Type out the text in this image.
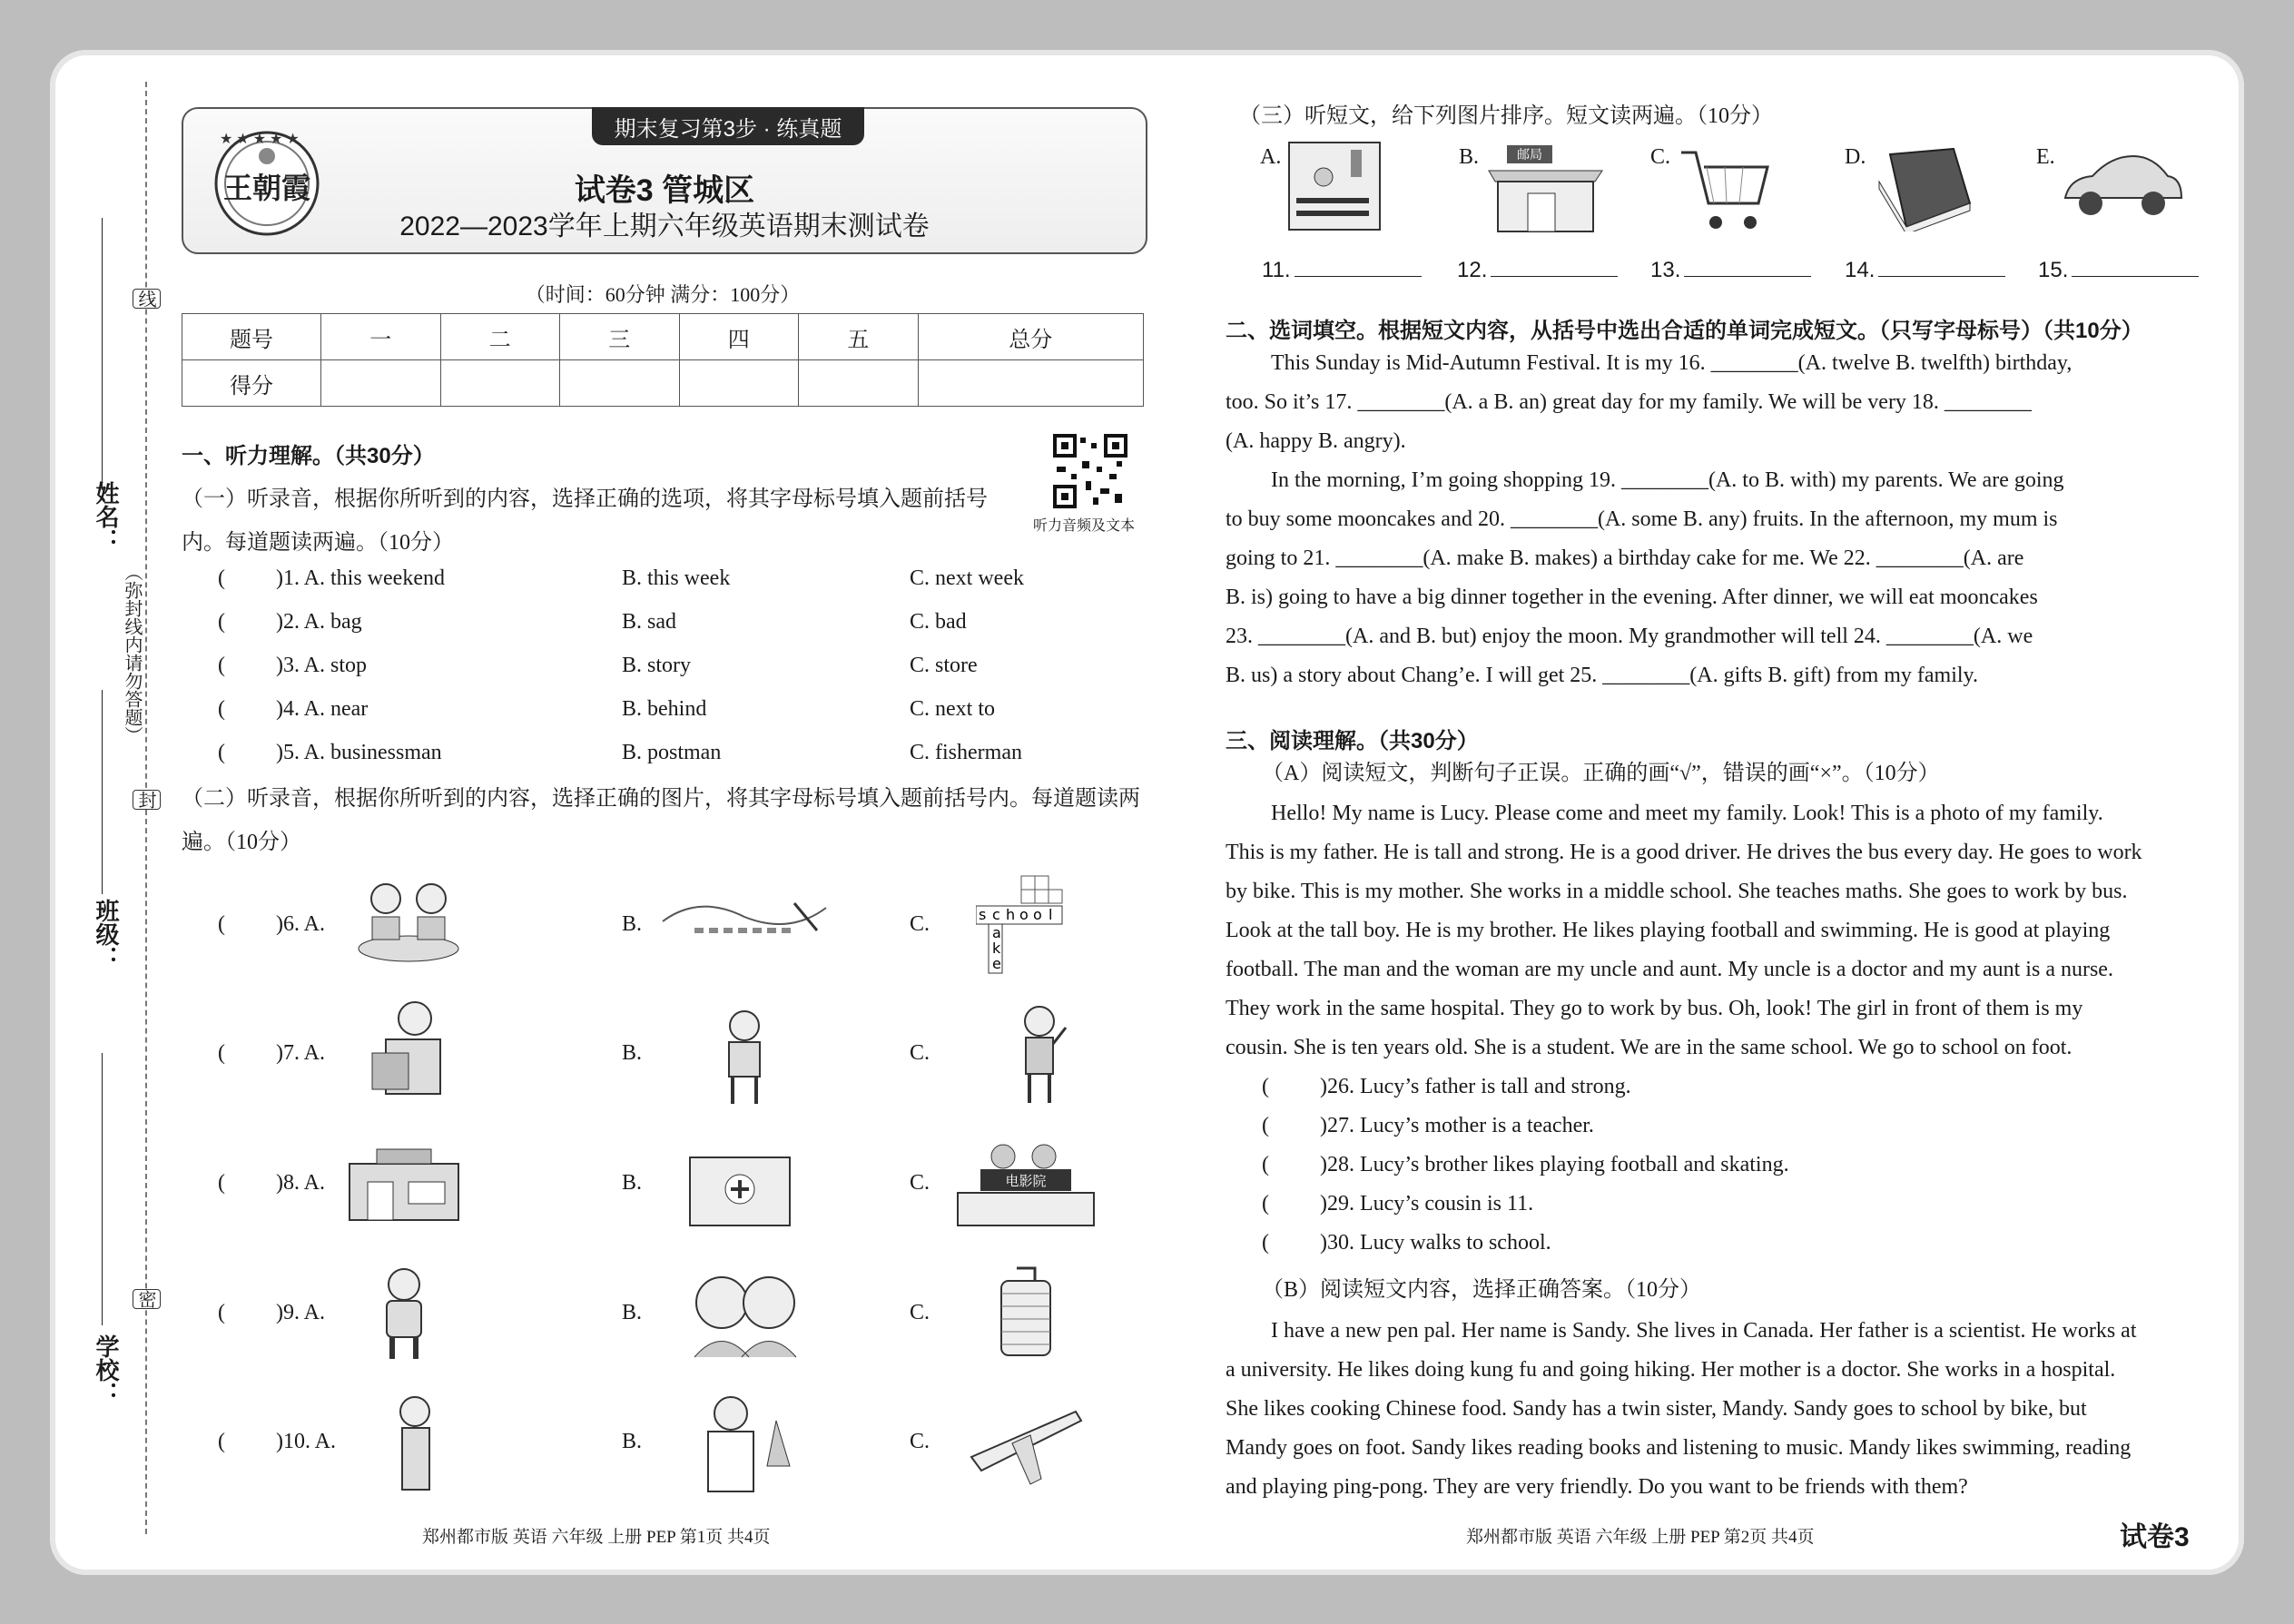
姓名：
班级：
学校：
线
封
密
（弥封线内请勿答题）
期末复习第3步 · 练真题
★ ★ ★ ★ ★
王朝霞	试卷3 管城区
2022—2023学年上期六年级英语期末测试卷
（时间：60分钟 满分：100分）
题号	一	二	三	四	五	总分
得分						
一、听力理解。（共30分）
听力音频及文本
（一）听录音，根据你所听到的内容，选择正确的选项，将其字母标号填入题前括号内。每道题读两遍。（10分）
( )1. A. this weekend	B. this week	C. next week
( )2. A. bag	B. sad	C. bad
( )3. A. stop	B. story	C. store
( )4. A. near	B. behind	C. next to
( )5. A. businessman	B. postman	C. fisherman
（二）听录音，根据你所听到的内容，选择正确的图片，将其字母标号填入题前括号内。每道题读两遍。（10分）
( )6. A.	B.	C.	s c h o o l
a
k
e
( )7. A.	B.	C.
( )8. A.	B.	C.	电影院
( )9. A.	B.	C.
( )10. A.	B.	C.
郑州都市版 英语 六年级 上册 PEP 第1页 共4页
（三）听短文，给下列图片排序。短文读两遍。（10分）
A.	B.	邮局	C.	D.	E.
11.	12.	13.	14.	15.
二、选词填空。根据短文内容，从括号中选出合适的单词完成短文。（只写字母标号）（共10分）
This Sunday is Mid-Autumn Festival. It is my 16. ________(A. twelve B. twelfth) birthday,
too. So it’s 17. ________(A. a B. an) great day for my family. We will be very 18. ________
(A. happy B. angry).
In the morning, I’m going shopping 19. ________(A. to B. with) my parents. We are going
to buy some mooncakes and 20. ________(A. some B. any) fruits. In the afternoon, my mum is
going to 21. ________(A. make B. makes) a birthday cake for me. We 22. ________(A. are
B. is) going to have a big dinner together in the evening. After dinner, we will eat mooncakes
23. ________(A. and B. but) enjoy the moon. My grandmother will tell 24. ________(A. we
B. us) a story about Chang’e. I will get 25. ________(A. gifts B. gift) from my family.
三、阅读理解。（共30分）
（A）阅读短文，判断句子正误。正确的画“√”，错误的画“×”。（10分）
Hello! My name is Lucy. Please come and meet my family. Look! This is a photo of my family.
This is my father. He is tall and strong. He is a good driver. He drives the bus every day. He goes to work
by bike. This is my mother. She works in a middle school. She teaches maths. She goes to work by bus.
Look at the tall boy. He is my brother. He likes playing football and swimming. He is good at playing
football. The man and the woman are my uncle and aunt. My uncle is a doctor and my aunt is a nurse.
They work in the same hospital. They go to work by bus. Oh, look! The girl in front of them is my
cousin. She is ten years old. She is a student. We are in the same school. We go to school on foot.
( )26. Lucy’s father is tall and strong.
( )27. Lucy’s mother is a teacher.
( )28. Lucy’s brother likes playing football and skating.
( )29. Lucy’s cousin is 11.
( )30. Lucy walks to school.
（B）阅读短文内容，选择正确答案。（10分）
I have a new pen pal. Her name is Sandy. She lives in Canada. Her father is a scientist. He works at
a university. He likes doing kung fu and going hiking. Her mother is a doctor. She works in a hospital.
She likes cooking Chinese food. Sandy has a twin sister, Mandy. Sandy goes to school by bike, but
Mandy goes on foot. Sandy likes reading books and listening to music. Mandy likes swimming, reading
and playing ping-pong. They are very friendly. Do you want to be friends with them?
郑州都市版 英语 六年级 上册 PEP 第2页 共4页	试卷3
